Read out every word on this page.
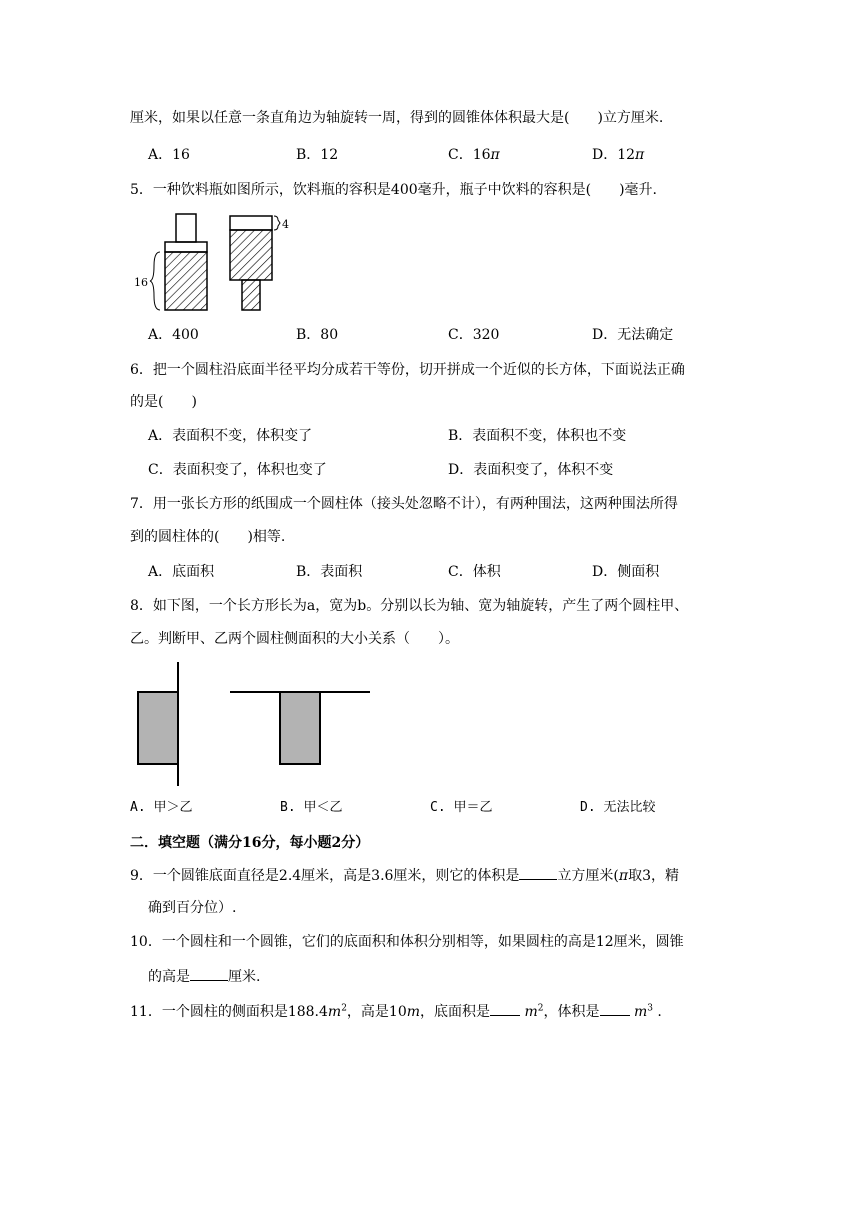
厘米，如果以任意一条直角边为轴旋转一周，得到的圆锥体体积最大是(　　)立方厘米.
A．16	B．12	C．16π	D．12π
5．一种饮料瓶如图所示，饮料瓶的容积是400毫升，瓶子中饮料的容积是(　　)毫升.
16
4
A．400	B．80	C．320	D．无法确定
6．把一个圆柱沿底面半径平均分成若干等份，切开拼成一个近似的长方体，下面说法正确
的是(　　)
A．表面积不变，体积变了	B．表面积不变，体积也不变
C．表面积变了，体积也变了	D．表面积变了，体积不变
7．用一张长方形的纸围成一个圆柱体（接头处忽略不计），有两种围法，这两种围法所得
到的圆柱体的(　　)相等.
A．底面积	B．表面积	C．体积	D．侧面积
8．如下图，一个长方形长为a，宽为b。分别以长为轴、宽为轴旋转，产生了两个圆柱甲、
乙。判断甲、乙两个圆柱侧面积的大小关系（　　）。
A. 甲＞乙	B. 甲＜乙	C. 甲＝乙	D. 无法比较
二．填空题（满分16分，每小题2分）
9．一个圆锥底面直径是2.4厘米，高是3.6厘米，则它的体积是	立方厘米(π取3，精
确到百分位）.
10．一个圆柱和一个圆锥，它们的底面积和体积分别相等，如果圆柱的高是12厘米，圆锥
的高是	厘米.
11．一个圆柱的侧面积是$188.4m^2$，高是10m，底面积是 $m^2$，体积是 $m^3$ .
